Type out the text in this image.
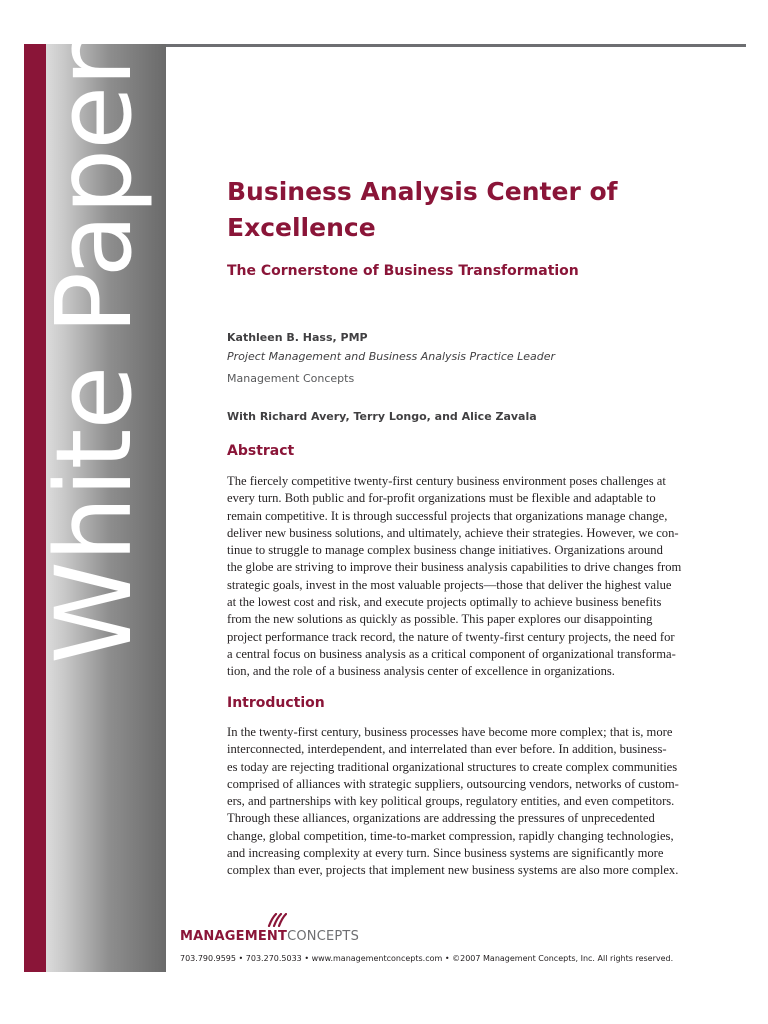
White Paper	Business Analysis Center of Excellence
The Cornerstone of Business Transformation
Kathleen B. Hass, PMP
Project Management and Business Analysis Practice Leader
Management Concepts
With Richard Avery, Terry Longo, and Alice Zavala
Abstract

The fiercely competitive twenty-first century business environment poses challenges at
every turn. Both public and for-profit organizations must be flexible and adaptable to
remain competitive. It is through successful projects that organizations manage change,
deliver new business solutions, and ultimately, achieve their strategies. However, we con-
tinue to struggle to manage complex business change initiatives. Organizations around
the globe are striving to improve their business analysis capabilities to drive changes from
strategic goals, invest in the most valuable projects—those that deliver the highest value
at the lowest cost and risk, and execute projects optimally to achieve business benefits
from the new solutions as quickly as possible. This paper explores our disappointing
project performance track record, the nature of twenty-first century projects, the need for
a central focus on business analysis as a critical component of organizational transforma-
tion, and the role of a business analysis center of excellence in organizations.

Introduction

In the twenty-first century, business processes have become more complex; that is, more
interconnected, interdependent, and interrelated than ever before. In addition, business-
es today are rejecting traditional organizational structures to create complex communities
comprised of alliances with strategic suppliers, outsourcing vendors, networks of custom-
ers, and partnerships with key political groups, regulatory entities, and even competitors.
Through these alliances, organizations are addressing the pressures of unprecedented
change, global competition, time-to-market compression, rapidly changing technologies,
and increasing complexity at every turn. Since business systems are significantly more
complex than ever, projects that implement new business systems are also more complex.

MANAGEMENTCONCEPTS
703.790.9595 • 703.270.5033 • www.managementconcepts.com • ©2007 Management Concepts, Inc. All rights reserved.
